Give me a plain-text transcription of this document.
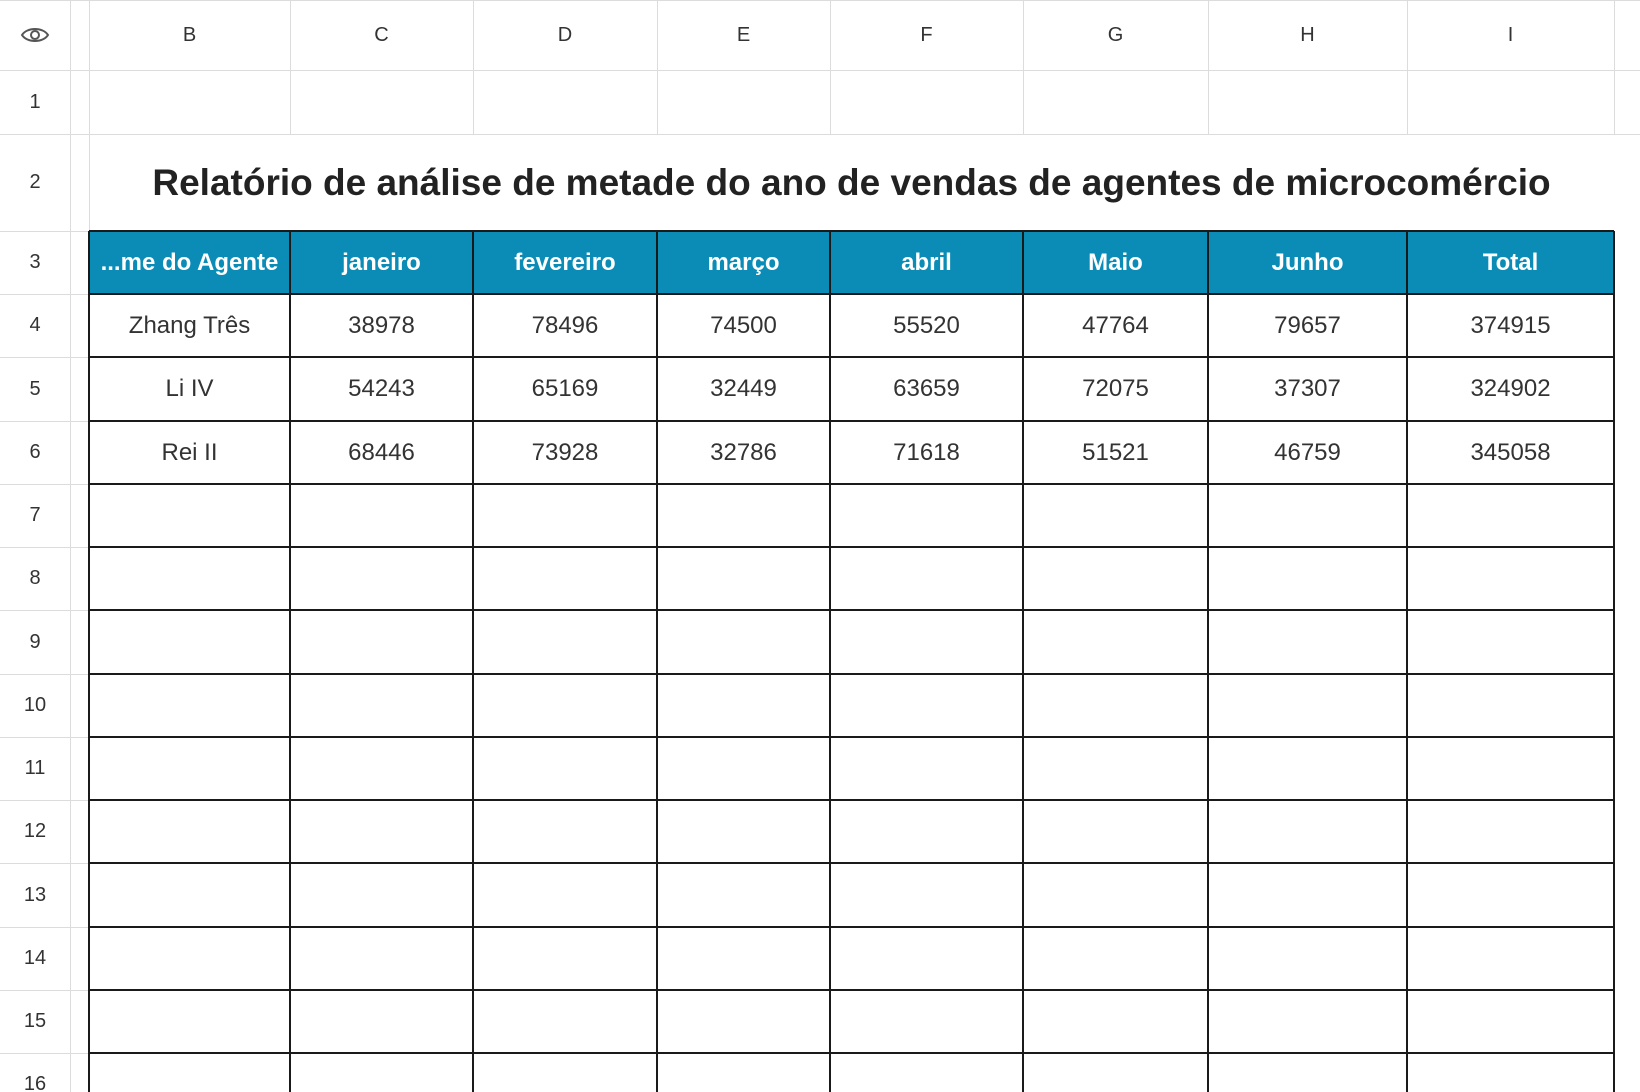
B	C	D	E	F	G	H	I
1
2
3
4
5
6
7
8
9
10
11
12
13
14
15
16
Relatório de análise de metade do ano de vendas de agentes de microcomércio
...me do Agente	janeiro	fevereiro	março	abril	Maio	Junho	Total
Zhang Três	38978	78496	74500	55520	47764	79657	374915
Li IV	54243	65169	32449	63659	72075	37307	324902
Rei II	68446	73928	32786	71618	51521	46759	345058
